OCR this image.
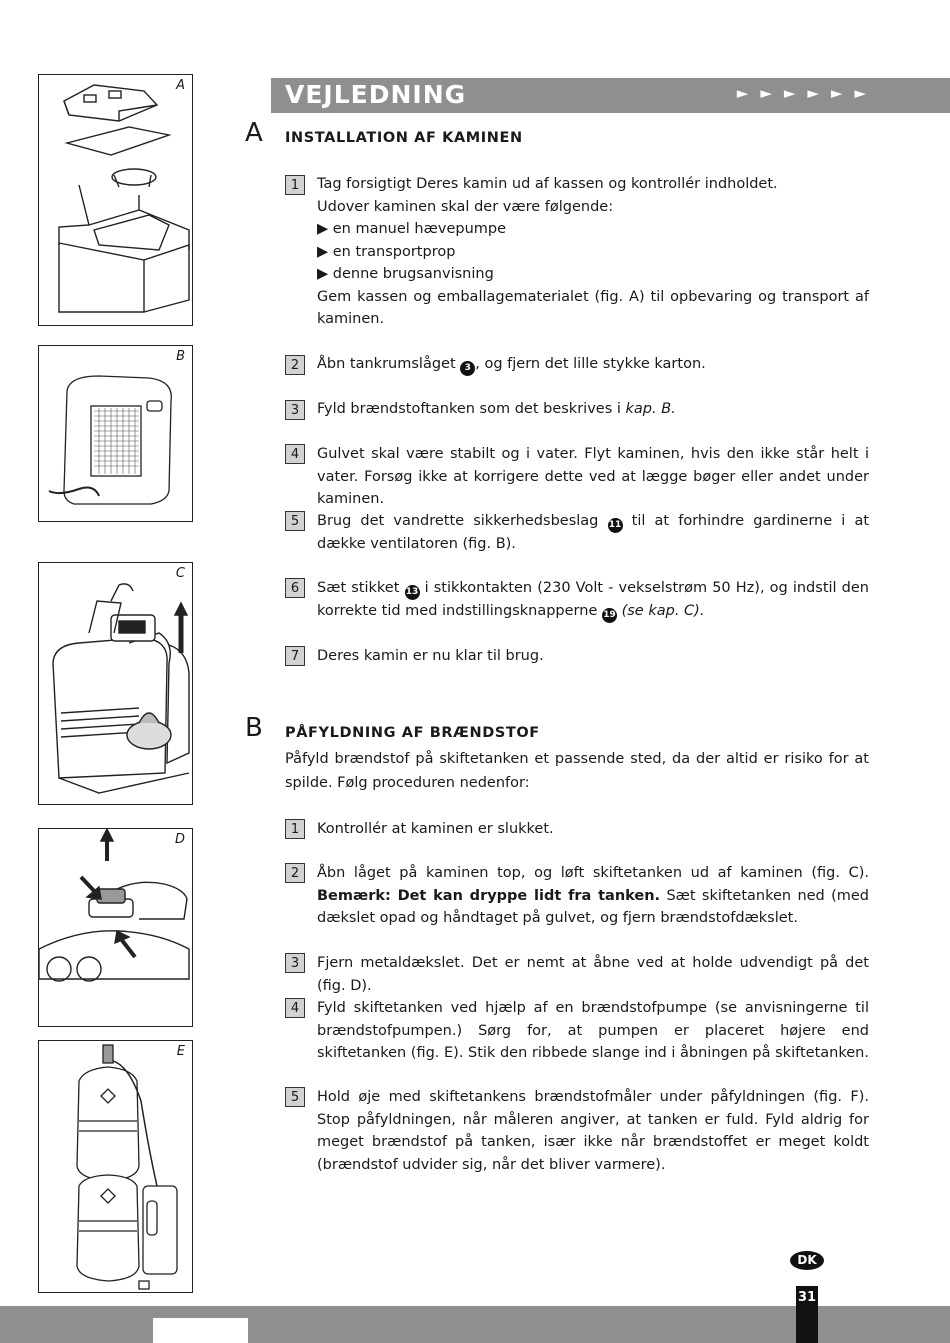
VEJLEDNING	►►►►►►
A
B
C
D
E
A INSTALLATION AF KAMINEN
1	Tag forsigtigt Deres kamin ud af kassen og kontrollér indholdet.
Udover kaminen skal der være følgende:
▶ en manuel hævepumpe
▶ en transportprop
▶ denne brugsanvisning
Gem kassen og emballagematerialet (fig. A) til opbevaring og transport af kaminen.
2	Åbn tankrumslåget 3 , og fjern det lille stykke karton.
3	Fyld brændstoftanken som det beskrives i kap. B.
4	Gulvet skal være stabilt og i vater. Flyt kaminen, hvis den ikke står helt i vater. Forsøg ikke at korrigere dette ved at lægge bøger eller andet under kaminen.
5	Brug det vandrette sikkerhedsbeslag 11 til at forhindre gardinerne i at dække ventilatoren (fig. B).
6	Sæt stikket 13 i stikkontakten (230 Volt - vekselstrøm 50 Hz), og indstil den korrekte tid med indstillingsknapperne 19 (se kap. C).
7	Deres kamin er nu klar til brug.
B PÅFYLDNING AF BRÆNDSTOF
Påfyld brændstof på skiftetanken et passende sted, da der altid er risiko for at spilde. Følg proceduren nedenfor:
1	Kontrollér at kaminen er slukket.
2	Åbn låget på kaminen top, og løft skiftetanken ud af kaminen (fig. C). Bemærk: Det kan dryppe lidt fra tanken. Sæt skiftetanken ned (med dækslet opad og håndtaget på gulvet, og fjern brændstofdækslet.
3	Fjern metaldækslet. Det er nemt at åbne ved at holde udvendigt på det (fig. D).
4	Fyld skiftetanken ved hjælp af en brændstofpumpe (se anvisningerne til brændstofpumpen.) Sørg for, at pumpen er placeret højere end skiftetanken (fig. E). Stik den ribbede slange ind i åbningen på skiftetanken.
5	Hold øje med skiftetankens brændstofmåler under påfyldningen (fig. F). Stop påfyldningen, når måleren angiver, at tanken er fuld. Fyld aldrig for meget brændstof på tanken, især ikke når brændstoffet er meget koldt (brændstof udvider sig, når det bliver varmere).
DK
31
